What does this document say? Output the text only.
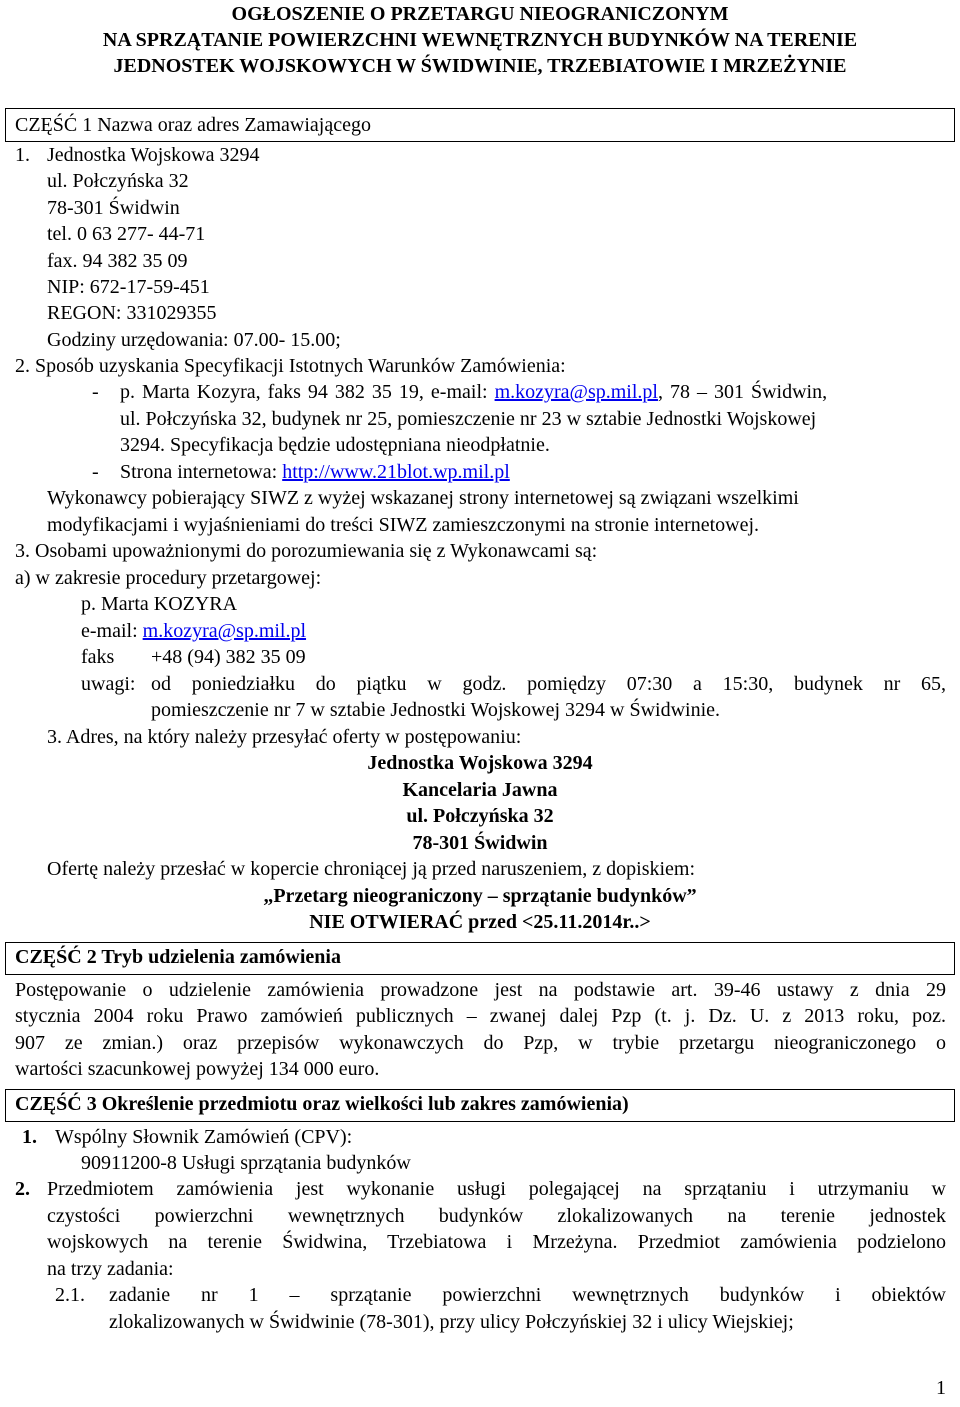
OGŁOSZENIE O PRZETARGU NIEOGRANICZONYM
NA SPRZĄTANIE POWIERZCHNI WEWNĘTRZNYCH BUDYNKÓW NA TERENIE
JEDNOSTEK WOJSKOWYCH W ŚWIDWINIE, TRZEBIATOWIE I MRZEŻYNIE
CZĘŚĆ 1 Nazwa oraz adres Zamawiającego
1. Jednostka Wojskowa 3294
ul. Połczyńska 32
78-301 Świdwin
tel. 0 63 277- 44-71
fax. 94 382 35 09
NIP: 672-17-59-451
REGON: 331029355
Godziny urzędowania: 07.00- 15.00;
2. Sposób uzyskania Specyfikacji Istotnych Warunków Zamówienia:
- p. Marta Kozyra, faks 94 382 35 19, e-mail: m.kozyra@sp.mil.pl, 78 – 301 Świdwin,
ul. Połczyńska 32, budynek nr 25, pomieszczenie nr 23 w sztabie Jednostki Wojskowej
3294. Specyfikacja będzie udostępniana nieodpłatnie.
- Strona internetowa: http://www.21blot.wp.mil.pl
Wykonawcy pobierający SIWZ z wyżej wskazanej strony internetowej są związani wszelkimi
modyfikacjami i wyjaśnieniami do treści SIWZ zamieszczonymi na stronie internetowej.
3. Osobami upoważnionymi do porozumiewania się z Wykonawcami są:
a) w zakresie procedury przetargowej:
p. Marta KOZYRA
e-mail: m.kozyra@sp.mil.pl
faks +48 (94) 382 35 09
uwagi: od poniedziałku do piątku w godz. pomiędzy 07:30 a 15:30, budynek nr 65,
pomieszczenie nr 7 w sztabie Jednostki Wojskowej 3294 w Świdwinie.
3. Adres, na który należy przesyłać oferty w postępowaniu:
Jednostka Wojskowa 3294
Kancelaria Jawna
ul. Połczyńska 32
78-301 Świdwin
Ofertę należy przesłać w kopercie chroniącej ją przed naruszeniem, z dopiskiem:
„Przetarg nieograniczony – sprzątanie budynków”
NIE OTWIERAĆ przed <25.11.2014r..>
CZĘŚĆ 2 Tryb udzielenia zamówienia
Postępowanie o udzielenie zamówienia prowadzone jest na podstawie art. 39-46 ustawy z dnia 29
stycznia 2004 roku Prawo zamówień publicznych – zwanej dalej Pzp (t. j. Dz. U. z 2013 roku, poz.
907 ze zmian.) oraz przepisów wykonawczych do Pzp, w trybie przetargu nieograniczonego o
wartości szacunkowej powyżej 134 000 euro.
CZĘŚĆ 3 Określenie przedmiotu oraz wielkości lub zakres zamówienia)
1. Wspólny Słownik Zamówień (CPV):
90911200-8 Usługi sprzątania budynków
2. Przedmiotem zamówienia jest wykonanie usługi polegającej na sprzątaniu i utrzymaniu w
czystości powierzchni wewnętrznych budynków zlokalizowanych na terenie jednostek
wojskowych na terenie Świdwina, Trzebiatowa i Mrzeżyna. Przedmiot zamówienia podzielono
na trzy zadania:
2.1. zadanie nr 1 – sprzątanie powierzchni wewnętrznych budynków i obiektów
zlokalizowanych w Świdwinie (78-301), przy ulicy Połczyńskiej 32 i ulicy Wiejskiej;
1
